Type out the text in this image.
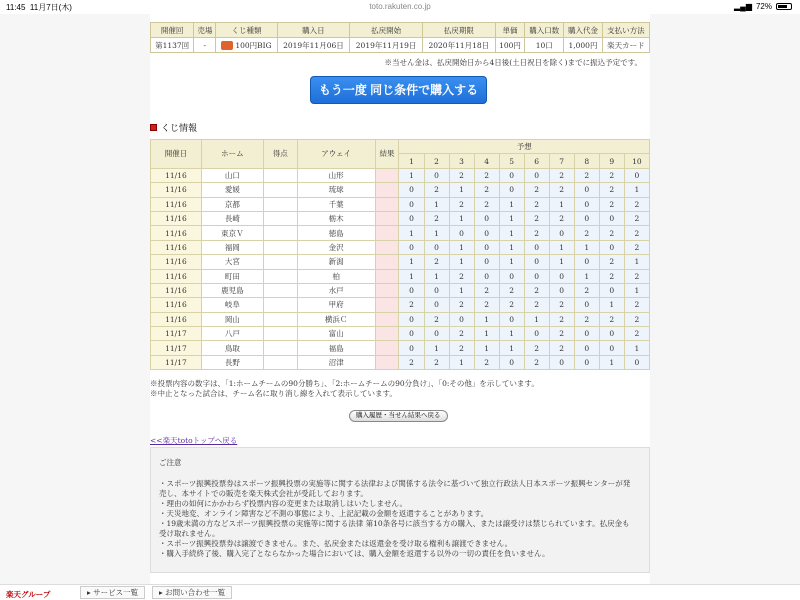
11:45 11月7日(木)	toto.rakuten.co.jp	▂▄▆ 72%
開催回	売場	くじ種類	購入日	払戻開始	払戻期限	単価	購入口数	購入代金	支払い方法
第1137回	-	100円BIG	2019年11月06日	2019年11月19日	2020年11月18日	100円	10口	1,000円	楽天カード
※当せん金は、払戻開始日から4日後(土日祝日を除く)までに振込予定です。
もう一度 同じ条件で購入する
くじ情報
開催日	ホーム	得点	アウェイ	結果	予想									
					1	2	3	4	5	6	7	8	9	10
11/16	山口		山形		1	0	2	2	0	0	2	2	2	0
11/16	愛媛		琉球		0	2	1	2	0	2	2	0	2	1
11/16	京都		千葉		0	1	2	2	1	2	1	0	2	2
11/16	長崎		栃木		0	2	1	0	1	2	2	0	0	2
11/16	東京Ｖ		徳島		1	1	0	0	1	2	0	2	2	2
11/16	福岡		金沢		0	0	1	0	1	0	1	1	0	2
11/16	大宮		新潟		1	2	1	0	1	0	1	0	2	1
11/16	町田		柏		1	1	2	0	0	0	0	1	2	2
11/16	鹿児島		水戸		0	0	1	2	2	2	0	2	0	1
11/16	岐阜		甲府		2	0	2	2	2	2	2	0	1	2
11/16	岡山		横浜Ｃ		0	2	0	1	0	1	2	2	2	2
11/17	八戸		富山		0	0	2	1	1	0	2	0	0	2
11/17	鳥取		福島		0	1	2	1	1	2	2	0	0	1
11/17	長野		沼津		2	2	1	2	0	2	0	0	1	0
※投票内容の数字は、「1:ホームチームの90分勝ち」、「2:ホームチームの90分負け」、「0:その他」を示しています。
※中止となった試合は、チーム名に取り消し線を入れて表示しています。
購入履歴・当せん結果へ戻る
<<楽天totoトップへ戻る
ご注意
・スポーツ振興投票券はスポーツ振興投票の実施等に関する法律および関係する法令に基づいて独立行政法人日本スポーツ振興センターが発
売し、本サイトでの販売を楽天株式会社が受託しております。
・理由の如何にかかわらず投票内容の変更または取消しはいたしません。
・天災地変、オンライン障害など不測の事態により、上記記載の金額を返還することがあります。
・19歳未満の方などスポーツ振興投票の実施等に関する法律 第10条各号に該当する方の購入、または譲受けは禁じられています。払戻金も
受け取れません。
・スポーツ振興投票券は譲渡できません。また、払戻金または返還金を受け取る権利も譲渡できません。
・購入手続終了後、購入完了とならなかった場合においては、購入金額を返還する以外の一切の責任を負いません。
楽天グループ	▸ サービス一覧	▸ お問い合わせ一覧
